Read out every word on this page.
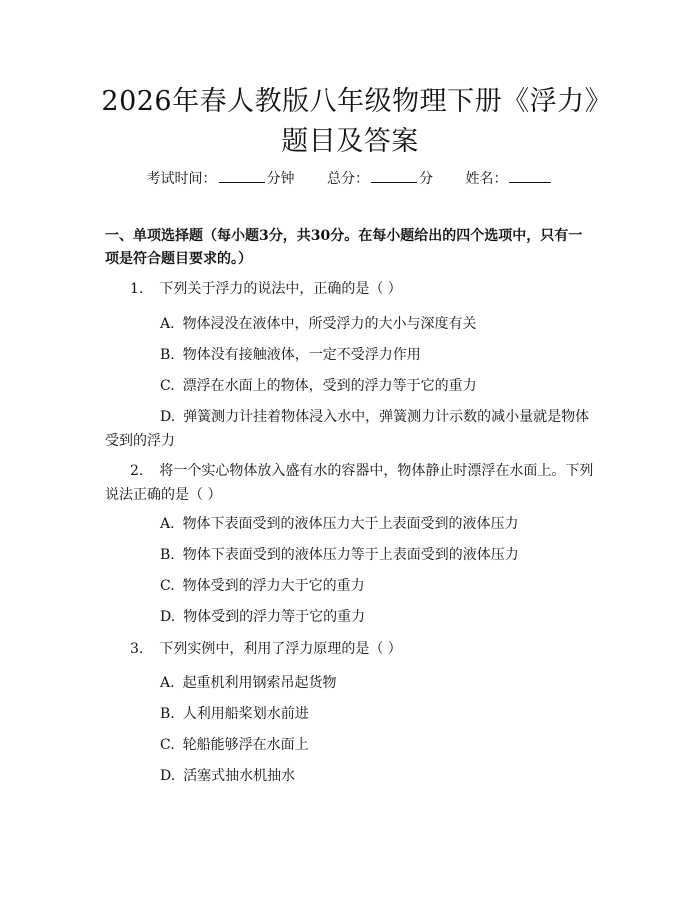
2026年春人教版八年级物理下册《浮力》题目及答案
考试时间：	分钟 总分：	分 姓名：

一、单项选择题（每小题3分，共30分。在每小题给出的四个选项中，只有一项是符合题目要求的。）

1. 下列关于浮力的说法中，正确的是（ ）

A. 物体浸没在液体中，所受浮力的大小与深度有关

B. 物体没有接触液体，一定不受浮力作用

C. 漂浮在水面上的物体，受到的浮力等于它的重力

D. 弹簧测力计挂着物体浸入水中，弹簧测力计示数的减小量就是物体受到的浮力

2. 将一个实心物体放入盛有水的容器中，物体静止时漂浮在水面上。下列说法正确的是（ ）

A. 物体下表面受到的液体压力大于上表面受到的液体压力

B. 物体下表面受到的液体压力等于上表面受到的液体压力

C. 物体受到的浮力大于它的重力

D. 物体受到的浮力等于它的重力

3. 下列实例中，利用了浮力原理的是（ ）

A. 起重机利用钢索吊起货物

B. 人利用船桨划水前进

C. 轮船能够浮在水面上

D. 活塞式抽水机抽水
